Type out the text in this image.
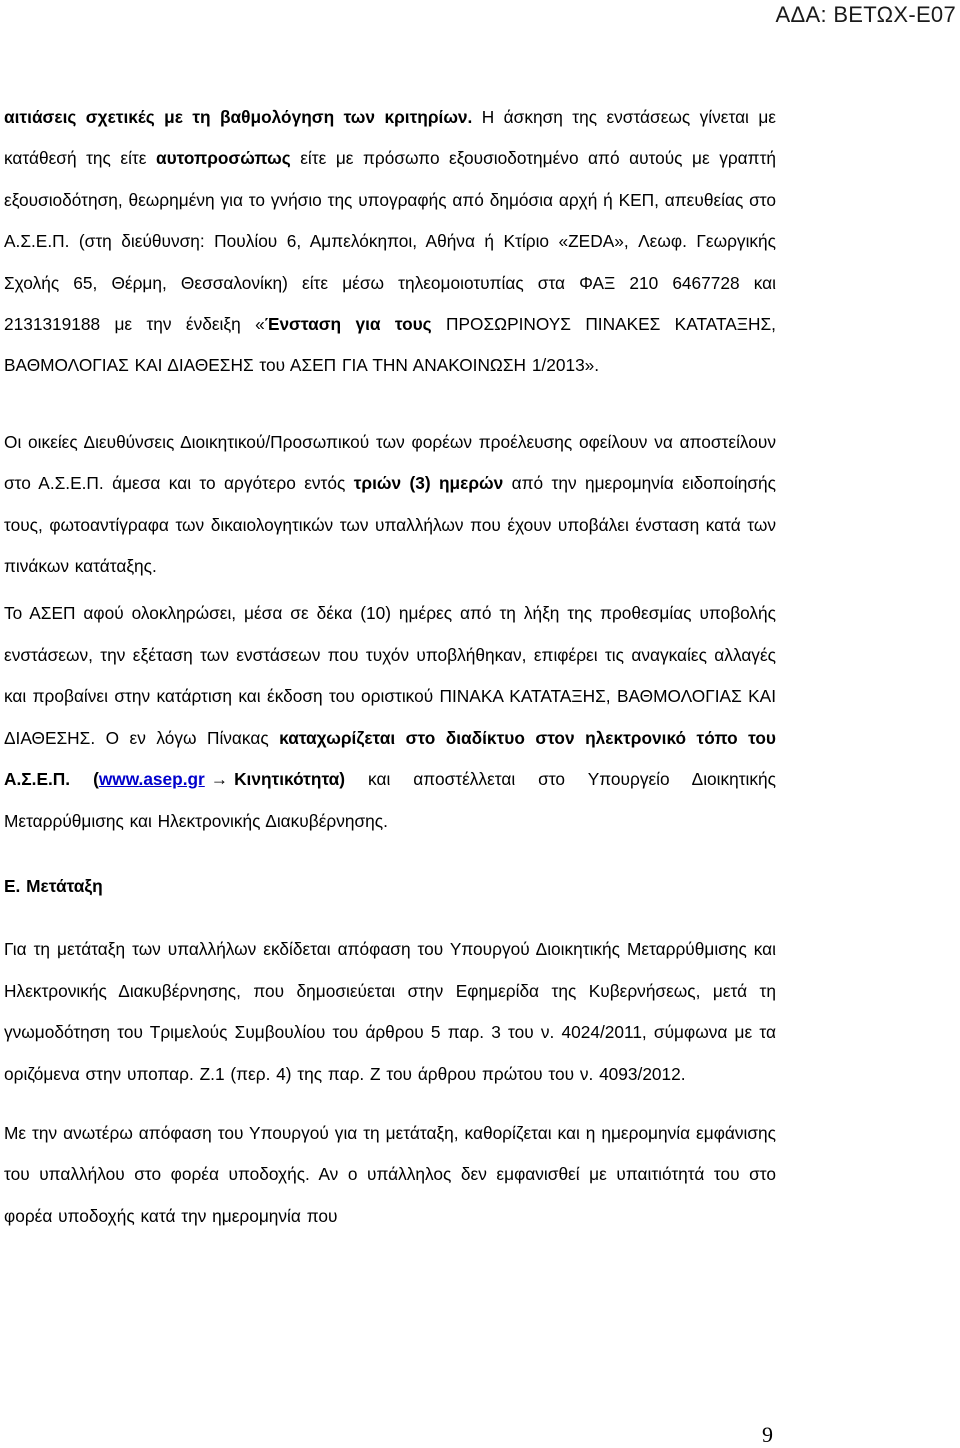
ΑΔΑ: ΒΕΤΩΧ-Ε07

αιτιάσεις σχετικές με τη βαθμολόγηση των κριτηρίων. Η άσκηση της ενστάσεως γίνεται με κατάθεσή της είτε αυτοπροσώπως είτε με πρόσωπο εξουσιοδοτημένο από αυτούς με γραπτή εξουσιοδότηση, θεωρημένη για το γνήσιο της υπογραφής από δημόσια αρχή ή ΚΕΠ, απευθείας στο Α.Σ.Ε.Π. (στη διεύθυνση: Πουλίου 6, Αμπελόκηποι, Αθήνα ή Κτίριο «ZEDA», Λεωφ. Γεωργικής Σχολής 65, Θέρμη, Θεσσαλονίκη) είτε μέσω τηλεομοιοτυπίας στα ΦΑΞ 210 6467728 και 2131319188 με την ένδειξη «Ένσταση για τους ΠΡΟΣΩΡΙΝΟΥΣ ΠΙΝΑΚΕΣ ΚΑΤΑΤΑΞΗΣ, ΒΑΘΜΟΛΟΓΙΑΣ ΚΑΙ ΔΙΑΘΕΣΗΣ του ΑΣΕΠ ΓΙΑ ΤΗΝ ΑΝΑΚΟΙΝΩΣΗ 1/2013».

Οι οικείες Διευθύνσεις Διοικητικού/Προσωπικού των φορέων προέλευσης οφείλουν να αποστείλουν στο Α.Σ.Ε.Π. άμεσα και το αργότερο εντός τριών (3) ημερών από την ημερομηνία ειδοποίησής τους, φωτοαντίγραφα των δικαιολογητικών των υπαλλήλων που έχουν υποβάλει ένσταση κατά των πινάκων κατάταξης.

Το ΑΣΕΠ αφού ολοκληρώσει, μέσα σε δέκα (10) ημέρες από τη λήξη της προθεσμίας υποβολής ενστάσεων, την εξέταση των ενστάσεων που τυχόν υποβλήθηκαν, επιφέρει τις αναγκαίες αλλαγές και προβαίνει στην κατάρτιση και έκδοση του οριστικού ΠΙΝΑΚΑ ΚΑΤΑΤΑΞΗΣ, ΒΑΘΜΟΛΟΓΙΑΣ ΚΑΙ ΔΙΑΘΕΣΗΣ. Ο εν λόγω Πίνακας καταχωρίζεται στο διαδίκτυο στον ηλεκτρονικό τόπο του Α.Σ.Ε.Π. (www.asep.gr → Κινητικότητα) και αποστέλλεται στο Υπουργείο Διοικητικής Μεταρρύθμισης και Ηλεκτρονικής Διακυβέρνησης.

Ε. Μετάταξη

Για τη μετάταξη των υπαλλήλων εκδίδεται απόφαση του Υπουργού Διοικητικής Μεταρρύθμισης και Ηλεκτρονικής Διακυβέρνησης, που δημοσιεύεται στην Εφημερίδα της Κυβερνήσεως, μετά τη γνωμοδότηση του Τριμελούς Συμβουλίου του άρθρου 5 παρ. 3 του ν. 4024/2011, σύμφωνα με τα οριζόμενα στην υποπαρ. Ζ.1 (περ. 4) της παρ. Ζ του άρθρου πρώτου του ν. 4093/2012.

Με την ανωτέρω απόφαση του Υπουργού για τη μετάταξη, καθορίζεται και η ημερομηνία εμφάνισης του υπαλλήλου στο φορέα υποδοχής. Αν ο υπάλληλος δεν εμφανισθεί με υπαιτιότητά του στο φορέα υποδοχής κατά την ημερομηνία που

9
